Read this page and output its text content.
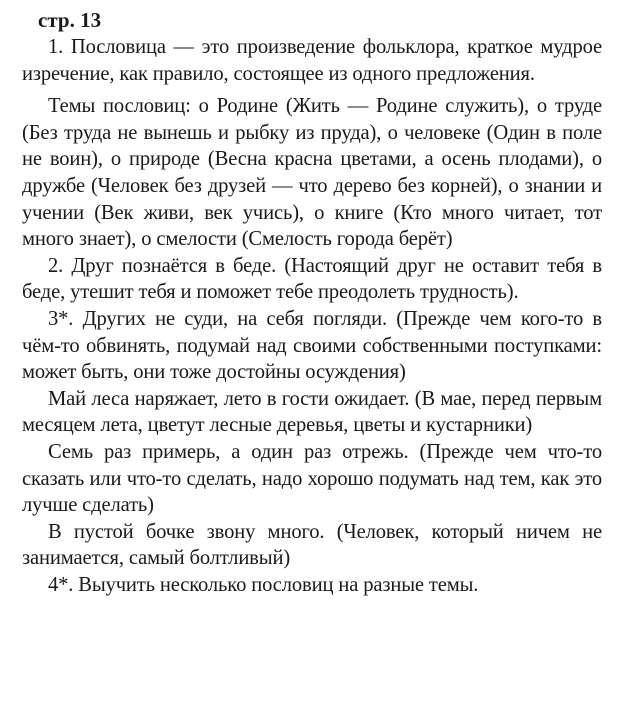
стр. 13

1. Пословица — это произведение фольклора, краткое мудрое изречение, как правило, состоящее из одного предложения.

Темы пословиц: о Родине (Жить — Родине служить), о труде (Без труда не вынешь и рыбку из пруда), о человеке (Один в поле не воин), о природе (Весна красна цветами, а осень плодами), о дружбе (Человек без друзей — что дерево без корней), о знании и учении (Век живи, век учись), о книге (Кто много читает, тот много знает), о смелости (Смелость города берёт)

2. Друг познаётся в беде. (Настоящий друг не оставит тебя в беде, утешит тебя и поможет тебе преодолеть трудность).

3*. Других не суди, на себя погляди. (Прежде чем кого-то в чём-то обвинять, подумай над своими собственными поступками: может быть, они тоже достойны осуждения)

Май леса наряжает, лето в гости ожидает. (В мае, перед первым месяцем лета, цветут лесные деревья, цветы и кустарники)

Семь раз примерь, а один раз отрежь. (Прежде чем что-то сказать или что-то сделать, надо хорошо подумать над тем, как это лучше сделать)

В пустой бочке звону много. (Человек, который ничем не занимается, самый болтливый)

4*. Выучить несколько пословиц на разные темы.
